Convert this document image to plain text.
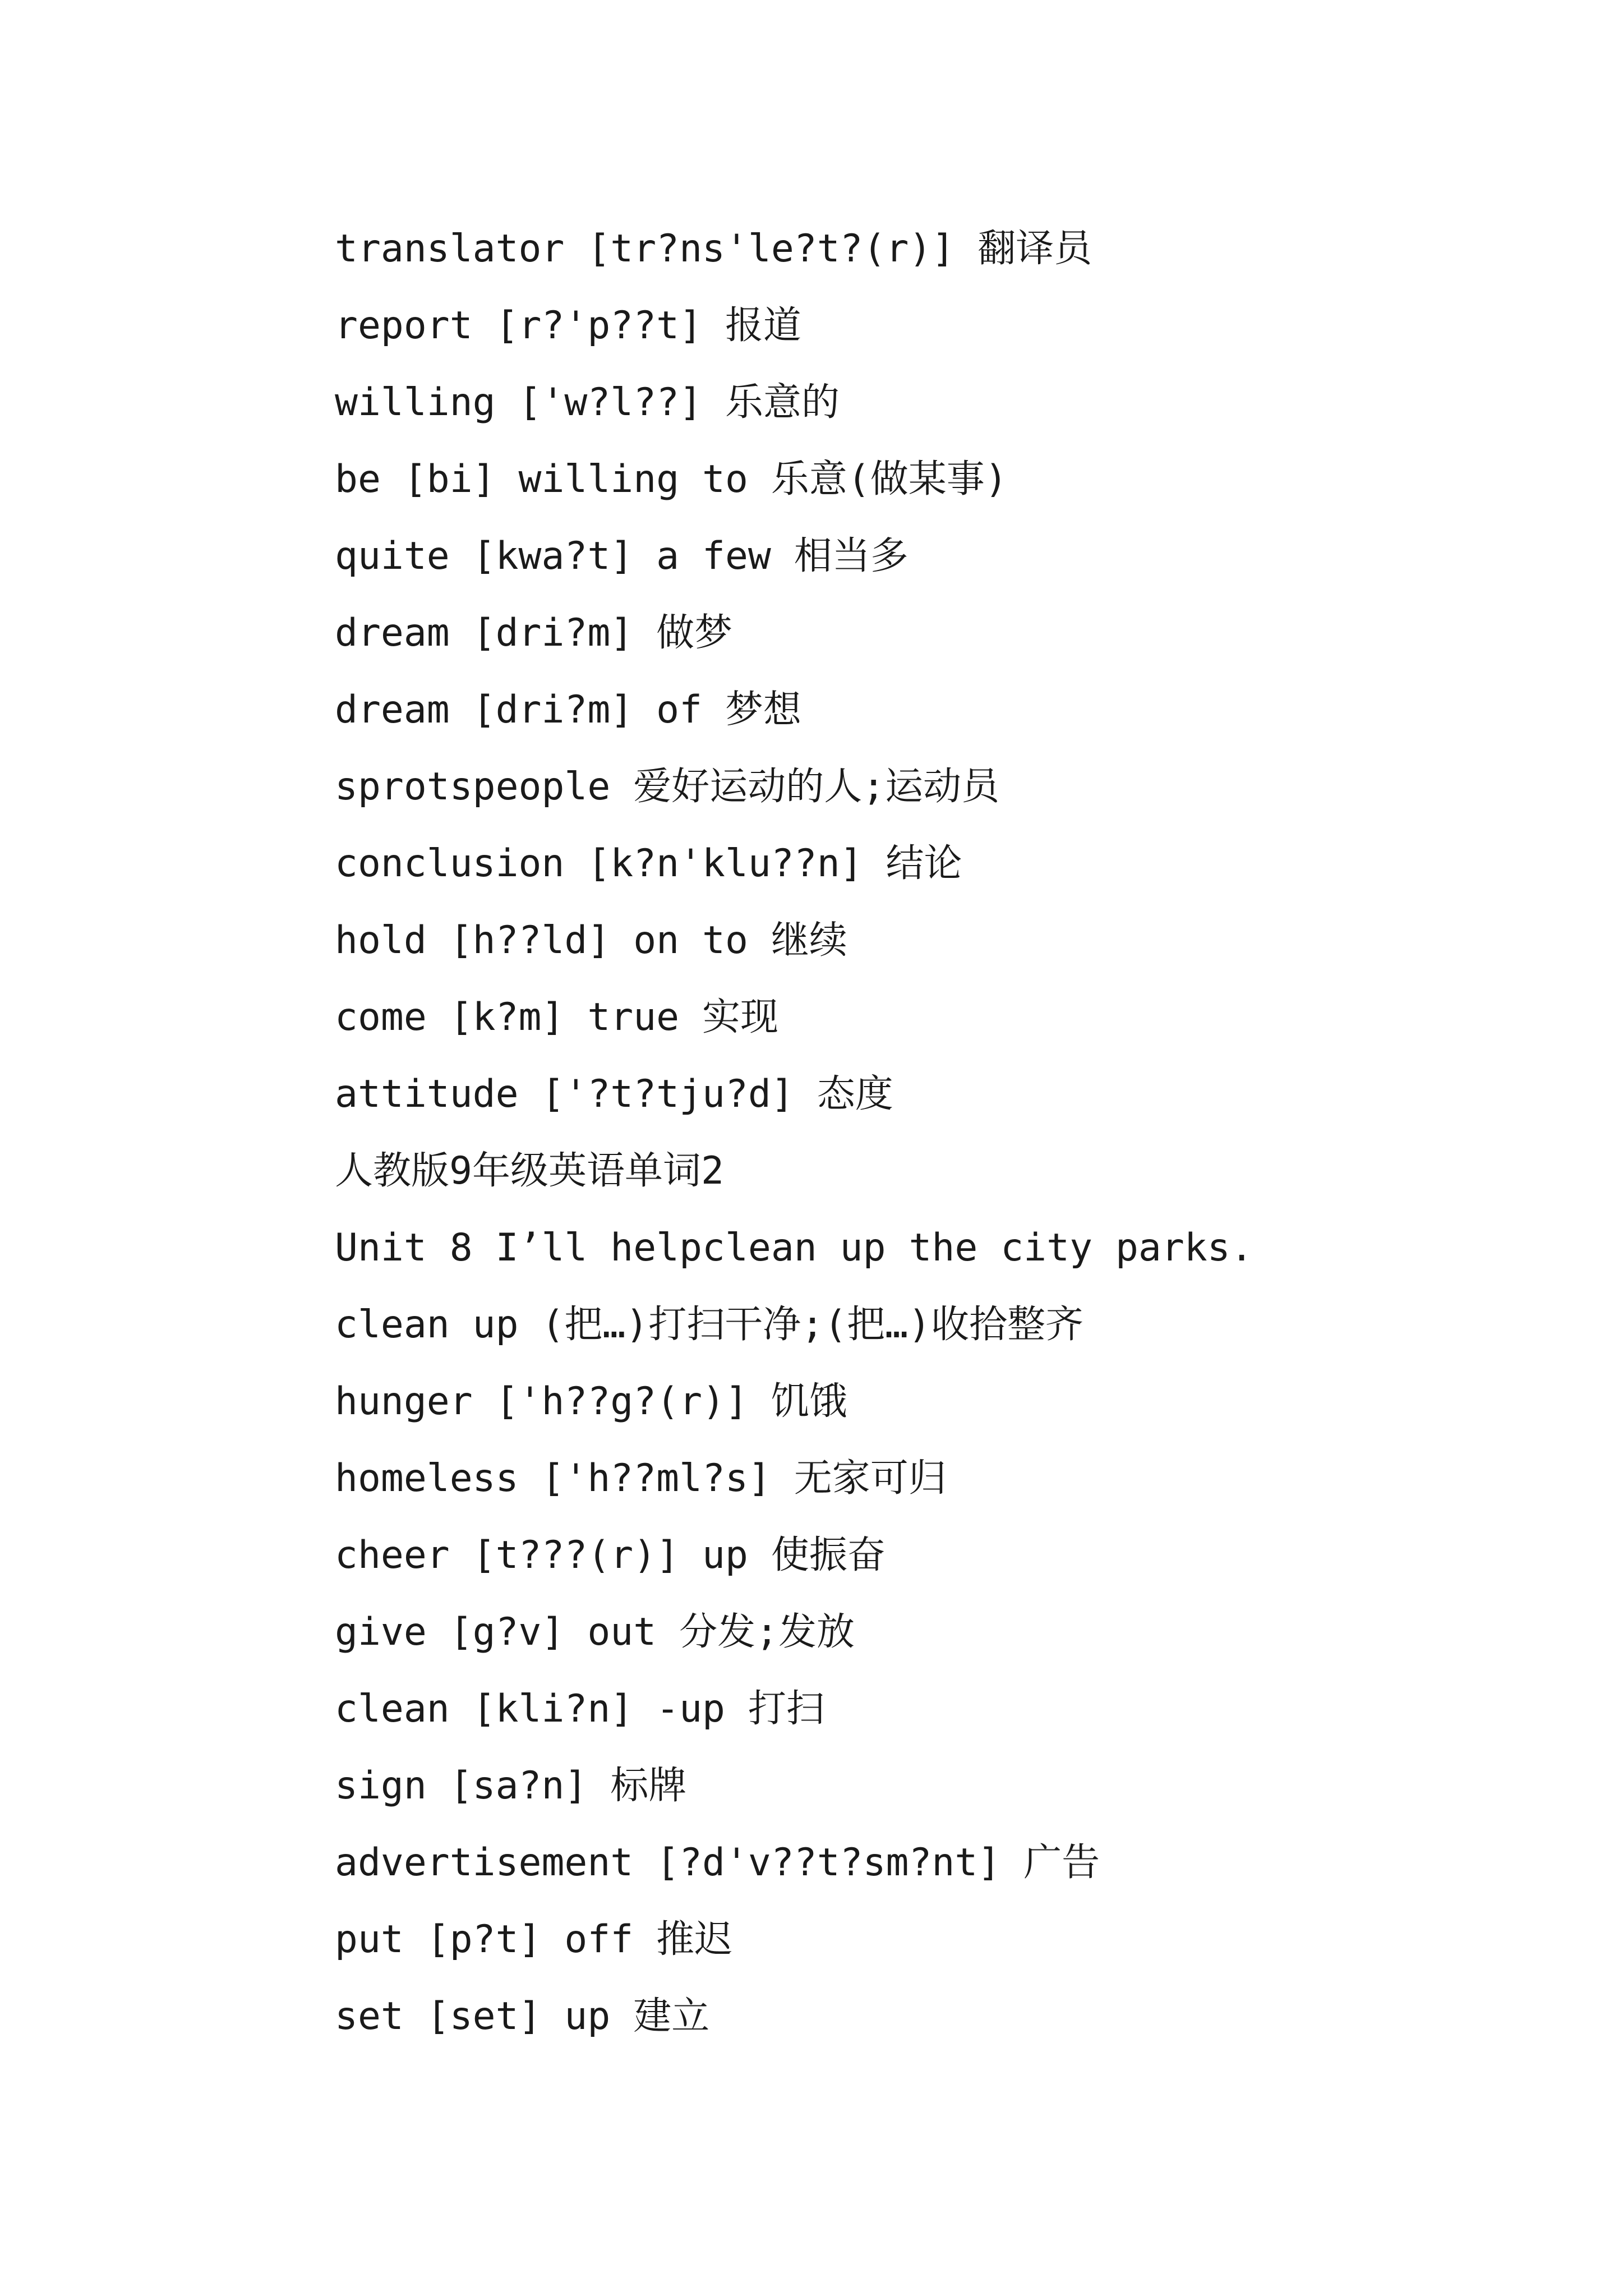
translator [tr?ns'le?t?(r)] 翻译员
report [r?'p??t] 报道
willing ['w?l??] 乐意的
be [bi] willing to 乐意(做某事)
quite [kwa?t] a few 相当多
dream [dri?m] 做梦
dream [dri?m] of 梦想
sprotspeople 爱好运动的人;运动员
conclusion [k?n'klu??n] 结论
hold [h??ld] on to 继续
come [k?m] true 实现
attitude ['?t?tju?d] 态度
人教版9年级英语单词2
Unit 8 I’ll helpclean up the city parks.
clean up (把…)打扫干净;(把…)收拾整齐
hunger ['h??g?(r)] 饥饿
homeless ['h??ml?s] 无家可归
cheer [t???(r)] up 使振奋
give [g?v] out 分发;发放
clean [kli?n] -up 打扫
sign [sa?n] 标牌
advertisement [?d'v??t?sm?nt] 广告
put [p?t] off 推迟
set [set] up 建立
